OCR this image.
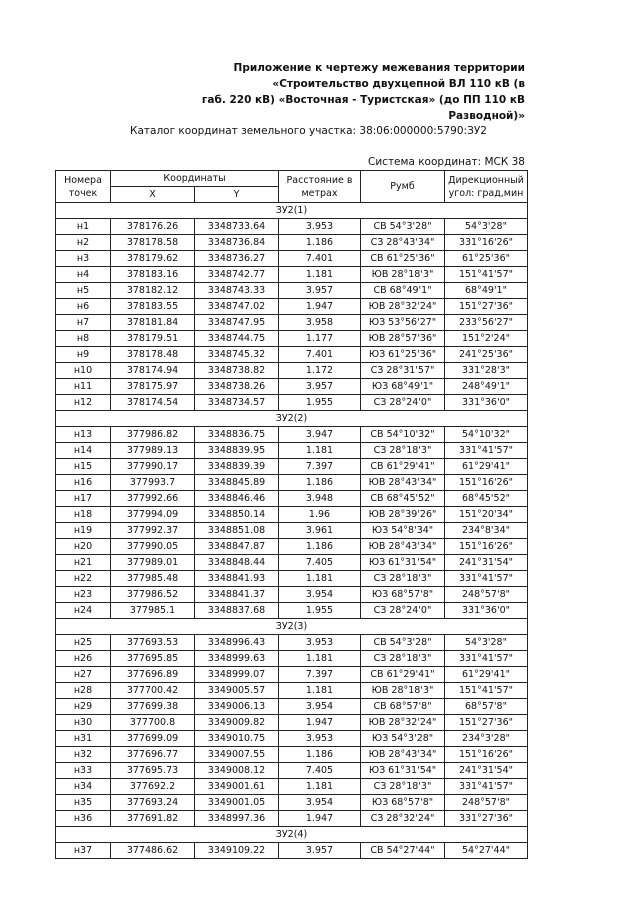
Приложение к чертежу межевания территории
«Строительство двухцепной ВЛ 110 кВ (в
габ. 220 кВ) «Восточная - Туристская» (до ПП 110 кВ
Разводной)»
Каталог координат земельного участка: 38:06:000000:5790:ЗУ2
Система координат: МСК 38
Номера точек	Координаты		Расстояние в метрах	Румб	Дирекционный угол: град,мин
	X	Y			
ЗУ2(1)					
н1	378176.26	3348733.64	3.953	СВ 54°3'28"	54°3'28"
н2	378178.58	3348736.84	1.186	СЗ 28°43'34"	331°16'26"
н3	378179.62	3348736.27	7.401	СВ 61°25'36"	61°25'36"
н4	378183.16	3348742.77	1.181	ЮВ 28°18'3"	151°41'57"
н5	378182.12	3348743.33	3.957	СВ 68°49'1"	68°49'1"
н6	378183.55	3348747.02	1.947	ЮВ 28°32'24"	151°27'36"
н7	378181.84	3348747.95	3.958	ЮЗ 53°56'27"	233°56'27"
н8	378179.51	3348744.75	1.177	ЮВ 28°57'36"	151°2'24"
н9	378178.48	3348745.32	7.401	ЮЗ 61°25'36"	241°25'36"
н10	378174.94	3348738.82	1.172	СЗ 28°31'57"	331°28'3"
н11	378175.97	3348738.26	3.957	ЮЗ 68°49'1"	248°49'1"
н12	378174.54	3348734.57	1.955	СЗ 28°24'0"	331°36'0"
ЗУ2(2)					
н13	377986.82	3348836.75	3.947	СВ 54°10'32"	54°10'32"
н14	377989.13	3348839.95	1.181	СЗ 28°18'3"	331°41'57"
н15	377990.17	3348839.39	7.397	СВ 61°29'41"	61°29'41"
н16	377993.7	3348845.89	1.186	ЮВ 28°43'34"	151°16'26"
н17	377992.66	3348846.46	3.948	СВ 68°45'52"	68°45'52"
н18	377994.09	3348850.14	1.96	ЮВ 28°39'26"	151°20'34"
н19	377992.37	3348851.08	3.961	ЮЗ 54°8'34"	234°8'34"
н20	377990.05	3348847.87	1.186	ЮВ 28°43'34"	151°16'26"
н21	377989.01	3348848.44	7.405	ЮЗ 61°31'54"	241°31'54"
н22	377985.48	3348841.93	1.181	СЗ 28°18'3"	331°41'57"
н23	377986.52	3348841.37	3.954	ЮЗ 68°57'8"	248°57'8"
н24	377985.1	3348837.68	1.955	СЗ 28°24'0"	331°36'0"
ЗУ2(3)					
н25	377693.53	3348996.43	3.953	СВ 54°3'28"	54°3'28"
н26	377695.85	3348999.63	1.181	СЗ 28°18'3"	331°41'57"
н27	377696.89	3348999.07	7.397	СВ 61°29'41"	61°29'41"
н28	377700.42	3349005.57	1.181	ЮВ 28°18'3"	151°41'57"
н29	377699.38	3349006.13	3.954	СВ 68°57'8"	68°57'8"
н30	377700.8	3349009.82	1.947	ЮВ 28°32'24"	151°27'36"
н31	377699.09	3349010.75	3.953	ЮЗ 54°3'28"	234°3'28"
н32	377696.77	3349007.55	1.186	ЮВ 28°43'34"	151°16'26"
н33	377695.73	3349008.12	7.405	ЮЗ 61°31'54"	241°31'54"
н34	377692.2	3349001.61	1.181	СЗ 28°18'3"	331°41'57"
н35	377693.24	3349001.05	3.954	ЮЗ 68°57'8"	248°57'8"
н36	377691.82	3348997.36	1.947	СЗ 28°32'24"	331°27'36"
ЗУ2(4)					
н37	377486.62	3349109.22	3.957	СВ 54°27'44"	54°27'44"
